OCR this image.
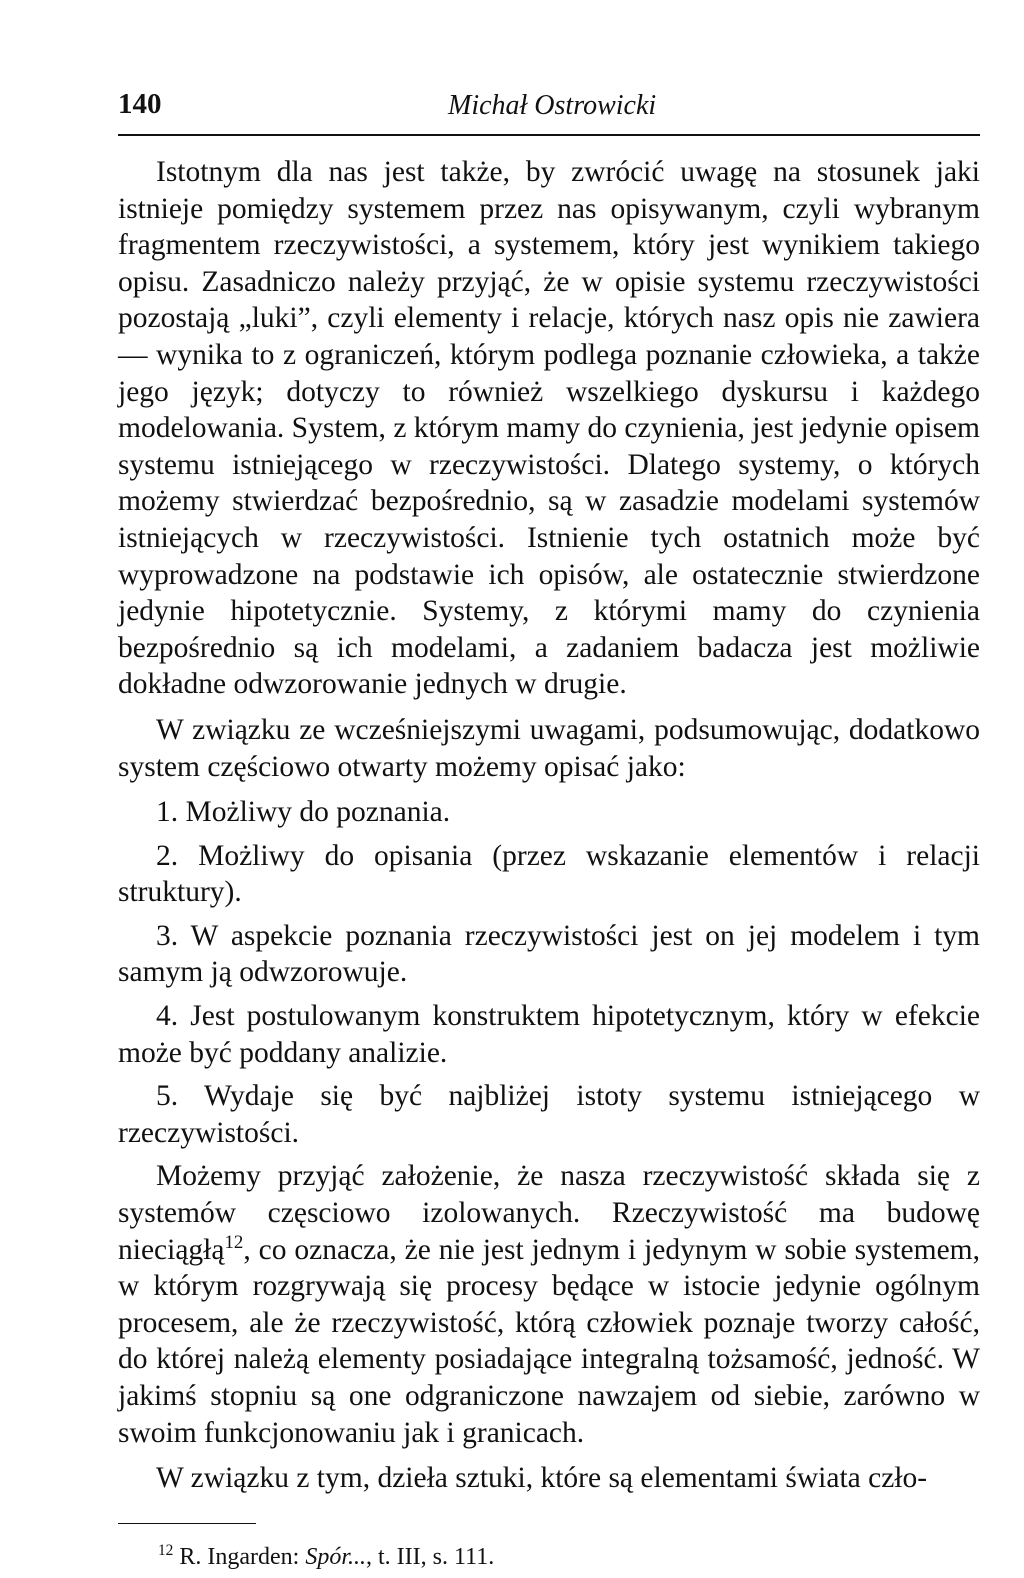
140	Michał Ostrowicki

Istotnym dla nas jest także, by zwrócić uwagę na stosunek jaki istnieje pomiędzy systemem przez nas opisywanym, czyli wybranym fragmentem rzeczywistości, a systemem, który jest wynikiem takiego opisu. Zasadniczo należy przyjąć, że w opisie systemu rzeczywistości pozostają „luki”, czyli elementy i relacje, których nasz opis nie zawiera — wynika to z ograniczeń, którym podlega poznanie człowieka, a także jego język; dotyczy to również wszelkiego dyskursu i każdego modelowania. System, z którym mamy do czynienia, jest jedynie opisem systemu istniejącego w rzeczywistości. Dlatego systemy, o których możemy stwierdzać bezpośrednio, są w zasadzie modelami systemów istniejących w rzeczywistości. Istnienie tych ostatnich może być wyprowadzone na podstawie ich opisów, ale ostatecznie stwierdzone jedynie hipotetycznie. Systemy, z którymi mamy do czynienia bezpośrednio są ich modelami, a zadaniem badacza jest możliwie dokładne odwzorowanie jednych w drugie.

W związku ze wcześniejszymi uwagami, podsumowując, dodatkowo system częściowo otwarty możemy opisać jako:

1. Możliwy do poznania.

2. Możliwy do opisania (przez wskazanie elementów i relacji struktury).

3. W aspekcie poznania rzeczywistości jest on jej modelem i tym samym ją odwzorowuje.

4. Jest postulowanym konstruktem hipotetycznym, który w efekcie może być poddany analizie.

5. Wydaje się być najbliżej istoty systemu istniejącego w rzeczywistości.

Możemy przyjąć założenie, że nasza rzeczywistość składa się z systemów częsciowo izolowanych. Rzeczywistość ma budowę nieciągłą$^{12}$, co oznacza, że nie jest jednym i jedynym w sobie systemem, w którym rozgrywają się procesy będące w istocie jedynie ogólnym procesem, ale że rzeczywistość, którą człowiek poznaje tworzy całość, do której należą elementy posiadające integralną tożsamość, jedność. W jakimś stopniu są one odgraniczone nawzajem od siebie, zarówno w swoim funkcjonowaniu jak i granicach.

W związku z tym, dzieła sztuki, które są elementami świata czło-

$^{12}$ R. Ingarden: Spór..., t. III, s. 111.
